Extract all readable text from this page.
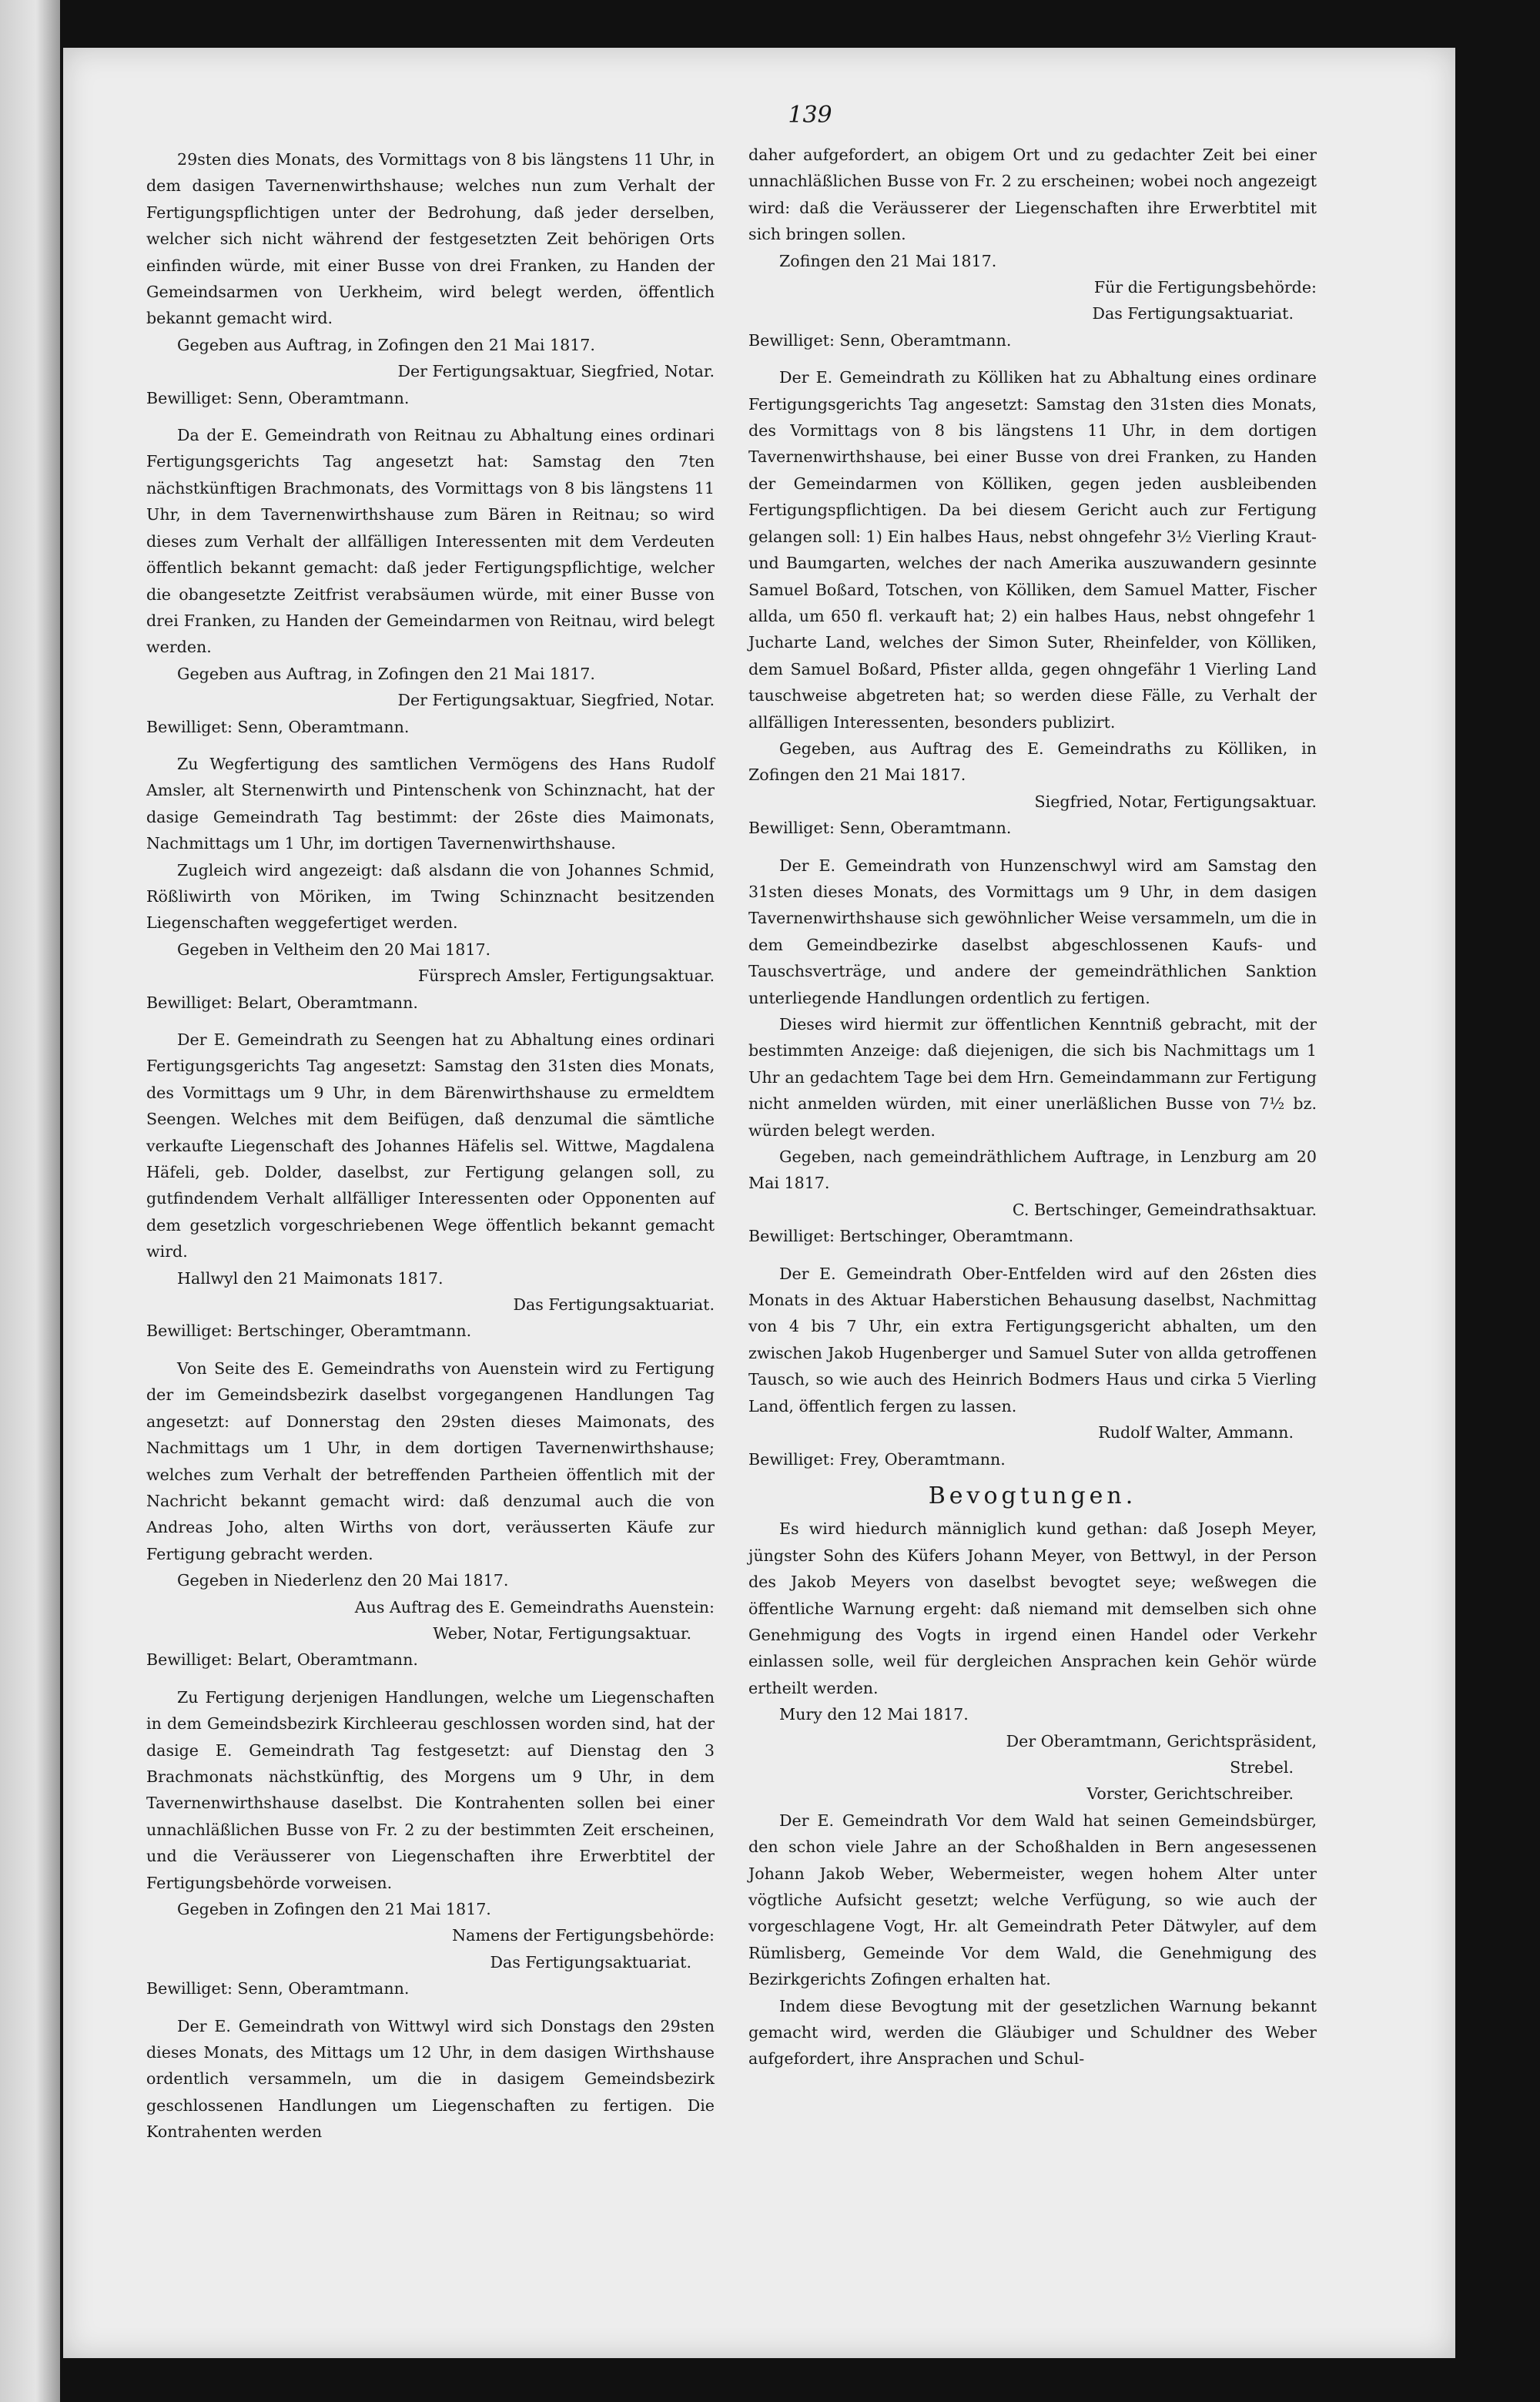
139

29sten dies Monats, des Vormittags von 8 bis längstens 11 Uhr, in dem dasigen Tavernenwirthshause; welches nun zum Verhalt der Fertigungspflichtigen unter der Bedrohung, daß jeder derselben, welcher sich nicht während der festgesetzten Zeit behörigen Orts einfinden würde, mit einer Busse von drei Franken, zu Handen der Gemeindsarmen von Uerkheim, wird belegt werden, öffentlich bekannt gemacht wird.

Gegeben aus Auftrag, in Zofingen den 21 Mai 1817.

Der Fertigungsaktuar, Siegfried, Notar.

Bewilliget: Senn, Oberamtmann.

Da der E. Gemeindrath von Reitnau zu Abhaltung eines ordinari Fertigungsgerichts Tag angesetzt hat: Samstag den 7ten nächstkünftigen Brachmonats, des Vormittags von 8 bis längstens 11 Uhr, in dem Tavernenwirthshause zum Bären in Reitnau; so wird dieses zum Verhalt der allfälligen Interessenten mit dem Verdeuten öffentlich bekannt gemacht: daß jeder Fertigungspflichtige, welcher die obangesetzte Zeitfrist verabsäumen würde, mit einer Busse von drei Franken, zu Handen der Gemeindarmen von Reitnau, wird belegt werden.

Gegeben aus Auftrag, in Zofingen den 21 Mai 1817.

Der Fertigungsaktuar, Siegfried, Notar.

Bewilliget: Senn, Oberamtmann.

Zu Wegfertigung des samtlichen Vermögens des Hans Rudolf Amsler, alt Sternenwirth und Pintenschenk von Schinznacht, hat der dasige Gemeindrath Tag bestimmt: der 26ste dies Maimonats, Nachmittags um 1 Uhr, im dortigen Tavernenwirthshause.

Zugleich wird angezeigt: daß alsdann die von Johannes Schmid, Rößliwirth von Möriken, im Twing Schinznacht besitzenden Liegenschaften weggefertiget werden.

Gegeben in Veltheim den 20 Mai 1817.

Fürsprech Amsler, Fertigungsaktuar.

Bewilliget: Belart, Oberamtmann.

Der E. Gemeindrath zu Seengen hat zu Abhaltung eines ordinari Fertigungsgerichts Tag angesetzt: Samstag den 31sten dies Monats, des Vormittags um 9 Uhr, in dem Bärenwirthshause zu ermeldtem Seengen. Welches mit dem Beifügen, daß denzumal die sämtliche verkaufte Liegenschaft des Johannes Häfelis sel. Wittwe, Magdalena Häfeli, geb. Dolder, daselbst, zur Fertigung gelangen soll, zu gutfindendem Verhalt allfälliger Interessenten oder Opponenten auf dem gesetzlich vorgeschriebenen Wege öffentlich bekannt gemacht wird.

Hallwyl den 21 Maimonats 1817.

Das Fertigungsaktuariat.

Bewilliget: Bertschinger, Oberamtmann.

Von Seite des E. Gemeindraths von Auenstein wird zu Fertigung der im Gemeindsbezirk daselbst vorgegangenen Handlungen Tag angesetzt: auf Donnerstag den 29sten dieses Maimonats, des Nachmittags um 1 Uhr, in dem dortigen Tavernenwirthshause; welches zum Verhalt der betreffenden Partheien öffentlich mit der Nachricht bekannt gemacht wird: daß denzumal auch die von Andreas Joho, alten Wirths von dort, veräusserten Käufe zur Fertigung gebracht werden.

Gegeben in Niederlenz den 20 Mai 1817.

Aus Auftrag des E. Gemeindraths Auenstein:

Weber, Notar, Fertigungsaktuar.

Bewilliget: Belart, Oberamtmann.

Zu Fertigung derjenigen Handlungen, welche um Liegenschaften in dem Gemeindsbezirk Kirchleerau geschlossen worden sind, hat der dasige E. Gemeindrath Tag festgesetzt: auf Dienstag den 3 Brachmonats nächstkünftig, des Morgens um 9 Uhr, in dem Tavernenwirthshause daselbst. Die Kontrahenten sollen bei einer unnachläßlichen Busse von Fr. 2 zu der bestimmten Zeit erscheinen, und die Veräusserer von Liegenschaften ihre Erwerbtitel der Fertigungsbehörde vorweisen.

Gegeben in Zofingen den 21 Mai 1817.

Namens der Fertigungsbehörde:

Das Fertigungsaktuariat.

Bewilliget: Senn, Oberamtmann.

Der E. Gemeindrath von Wittwyl wird sich Donstags den 29sten dieses Monats, des Mittags um 12 Uhr, in dem dasigen Wirthshause ordentlich versammeln, um die in dasigem Gemeindsbezirk geschlossenen Handlungen um Liegenschaften zu fertigen. Die Kontrahenten werden

daher aufgefordert, an obigem Ort und zu gedachter Zeit bei einer unnachläßlichen Busse von Fr. 2 zu erscheinen; wobei noch angezeigt wird: daß die Veräusserer der Liegenschaften ihre Erwerbtitel mit sich bringen sollen.

Zofingen den 21 Mai 1817.

Für die Fertigungsbehörde:

Das Fertigungsaktuariat.

Bewilliget: Senn, Oberamtmann.

Der E. Gemeindrath zu Kölliken hat zu Abhaltung eines ordinare Fertigungsgerichts Tag angesetzt: Samstag den 31sten dies Monats, des Vormittags von 8 bis längstens 11 Uhr, in dem dortigen Tavernenwirthshause, bei einer Busse von drei Franken, zu Handen der Gemeindarmen von Kölliken, gegen jeden ausbleibenden Fertigungspflichtigen. Da bei diesem Gericht auch zur Fertigung gelangen soll: 1) Ein halbes Haus, nebst ohngefehr 3½ Vierling Kraut- und Baumgarten, welches der nach Amerika auszuwandern gesinnte Samuel Boßard, Totschen, von Kölliken, dem Samuel Matter, Fischer allda, um 650 fl. verkauft hat; 2) ein halbes Haus, nebst ohngefehr 1 Jucharte Land, welches der Simon Suter, Rheinfelder, von Kölliken, dem Samuel Boßard, Pfister allda, gegen ohngefähr 1 Vierling Land tauschweise abgetreten hat; so werden diese Fälle, zu Verhalt der allfälligen Interessenten, besonders publizirt.

Gegeben, aus Auftrag des E. Gemeindraths zu Kölliken, in Zofingen den 21 Mai 1817.

Siegfried, Notar, Fertigungsaktuar.

Bewilliget: Senn, Oberamtmann.

Der E. Gemeindrath von Hunzenschwyl wird am Samstag den 31sten dieses Monats, des Vormittags um 9 Uhr, in dem dasigen Tavernenwirthshause sich gewöhnlicher Weise versammeln, um die in dem Gemeindbezirke daselbst abgeschlossenen Kaufs- und Tauschsverträge, und andere der gemeindräthlichen Sanktion unterliegende Handlungen ordentlich zu fertigen.

Dieses wird hiermit zur öffentlichen Kenntniß gebracht, mit der bestimmten Anzeige: daß diejenigen, die sich bis Nachmittags um 1 Uhr an gedachtem Tage bei dem Hrn. Gemeindammann zur Fertigung nicht anmelden würden, mit einer unerläßlichen Busse von 7½ bz. würden belegt werden.

Gegeben, nach gemeindräthlichem Auftrage, in Lenzburg am 20 Mai 1817.

C. Bertschinger, Gemeindrathsaktuar.

Bewilliget: Bertschinger, Oberamtmann.

Der E. Gemeindrath Ober-Entfelden wird auf den 26sten dies Monats in des Aktuar Haberstichen Behausung daselbst, Nachmittag von 4 bis 7 Uhr, ein extra Fertigungsgericht abhalten, um den zwischen Jakob Hugenberger und Samuel Suter von allda getroffenen Tausch, so wie auch des Heinrich Bodmers Haus und cirka 5 Vierling Land, öffentlich fergen zu lassen.

Rudolf Walter, Ammann.

Bewilliget: Frey, Oberamtmann.

Bevogtungen.

Es wird hiedurch männiglich kund gethan: daß Joseph Meyer, jüngster Sohn des Küfers Johann Meyer, von Bettwyl, in der Person des Jakob Meyers von daselbst bevogtet seye; weßwegen die öffentliche Warnung ergeht: daß niemand mit demselben sich ohne Genehmigung des Vogts in irgend einen Handel oder Verkehr einlassen solle, weil für dergleichen Ansprachen kein Gehör würde ertheilt werden.

Mury den 12 Mai 1817.

Der Oberamtmann, Gerichtspräsident,

Strebel.

Vorster, Gerichtschreiber.

Der E. Gemeindrath Vor dem Wald hat seinen Gemeindsbürger, den schon viele Jahre an der Schoßhalden in Bern angesessenen Johann Jakob Weber, Webermeister, wegen hohem Alter unter vögtliche Aufsicht gesetzt; welche Verfügung, so wie auch der vorgeschlagene Vogt, Hr. alt Gemeindrath Peter Dätwyler, auf dem Rümlisberg, Gemeinde Vor dem Wald, die Genehmigung des Bezirkgerichts Zofingen erhalten hat.

Indem diese Bevogtung mit der gesetzlichen Warnung bekannt gemacht wird, werden die Gläubiger und Schuldner des Weber aufgefordert, ihre Ansprachen und Schul-
